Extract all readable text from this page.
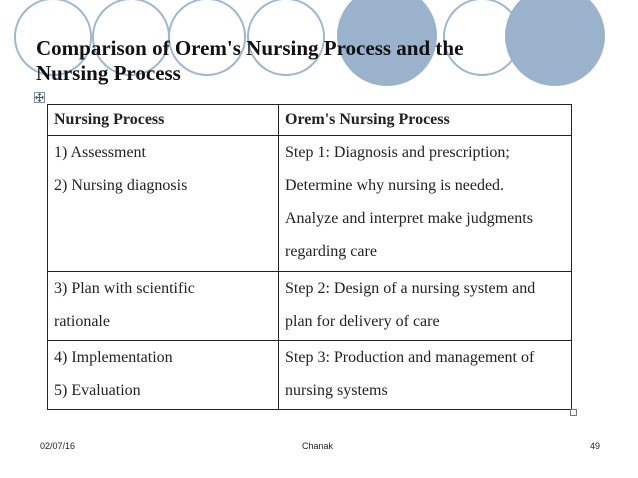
Comparison of Orem's Nursing Process and the
Nursing Process
Nursing Process	Orem's Nursing Process

1) Assessment
2) Nursing diagnosis	Step 1: Diagnosis and prescription;
Determine why nursing is needed.
Analyze and interpret make judgments
regarding care

3) Plan with scientific
rationale	Step 2: Design of a nursing system and
plan for delivery of care

4) Implementation
5) Evaluation	Step 3: Production and management of
nursing systems
02/07/16	Chanak	49
